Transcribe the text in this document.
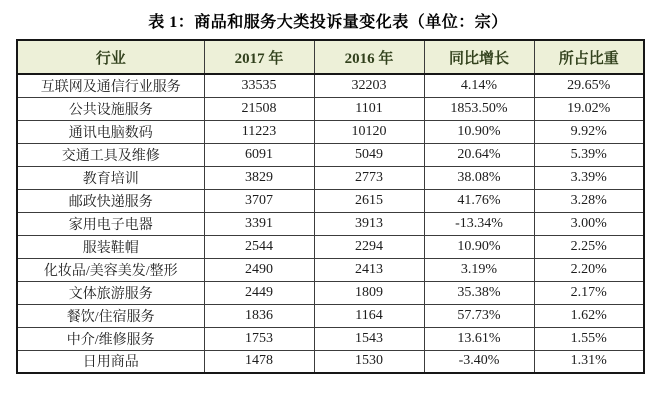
表 1：商品和服务大类投诉量变化表（单位：宗）
行业	2017 年	2016 年	同比增长	所占比重
互联网及通信行业服务	33535	32203	4.14%	29.65%
公共设施服务	21508	1101	1853.50%	19.02%
通讯电脑数码	11223	10120	10.90%	9.92%
交通工具及维修	6091	5049	20.64%	5.39%
教育培训	3829	2773	38.08%	3.39%
邮政快递服务	3707	2615	41.76%	3.28%
家用电子电器	3391	3913	-13.34%	3.00%
服装鞋帽	2544	2294	10.90%	2.25%
化妆品/美容美发/整形	2490	2413	3.19%	2.20%
文体旅游服务	2449	1809	35.38%	2.17%
餐饮/住宿服务	1836	1164	57.73%	1.62%
中介/维修服务	1753	1543	13.61%	1.55%
日用商品	1478	1530	-3.40%	1.31%
